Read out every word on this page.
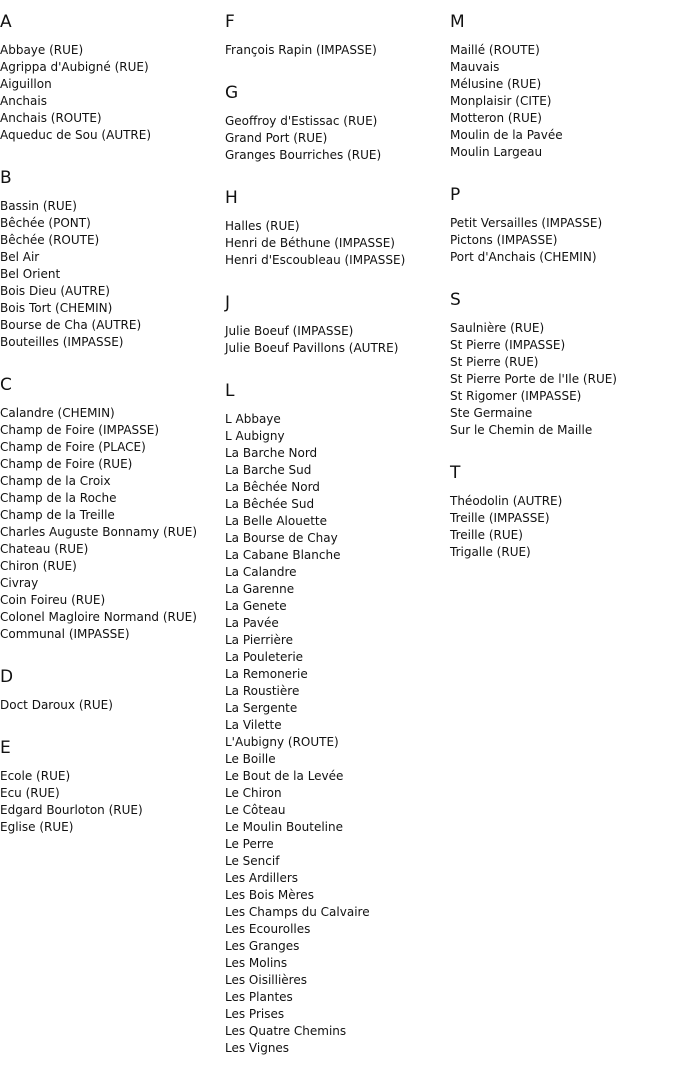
A
Abbaye (RUE)
Agrippa d'Aubigné (RUE)
Aiguillon
Anchais
Anchais (ROUTE)
Aqueduc de Sou (AUTRE)
B
Bassin (RUE)
Bêchée (PONT)
Bêchée (ROUTE)
Bel Air
Bel Orient
Bois Dieu (AUTRE)
Bois Tort (CHEMIN)
Bourse de Cha (AUTRE)
Bouteilles (IMPASSE)
C
Calandre (CHEMIN)
Champ de Foire (IMPASSE)
Champ de Foire (PLACE)
Champ de Foire (RUE)
Champ de la Croix
Champ de la Roche
Champ de la Treille
Charles Auguste Bonnamy (RUE)
Chateau (RUE)
Chiron (RUE)
Civray
Coin Foireu (RUE)
Colonel Magloire Normand (RUE)
Communal (IMPASSE)
D
Doct Daroux (RUE)
E
Ecole (RUE)
Ecu (RUE)
Edgard Bourloton (RUE)
Eglise (RUE)
F
François Rapin (IMPASSE)
G
Geoffroy d'Estissac (RUE)
Grand Port (RUE)
Granges Bourriches (RUE)
H
Halles (RUE)
Henri de Béthune (IMPASSE)
Henri d'Escoubleau (IMPASSE)
J
Julie Boeuf (IMPASSE)
Julie Boeuf Pavillons (AUTRE)
L
L Abbaye
L Aubigny
La Barche Nord
La Barche Sud
La Bêchée Nord
La Bêchée Sud
La Belle Alouette
La Bourse de Chay
La Cabane Blanche
La Calandre
La Garenne
La Genete
La Pavée
La Pierrière
La Pouleterie
La Remonerie
La Roustière
La Sergente
La Vilette
L'Aubigny (ROUTE)
Le Boille
Le Bout de la Levée
Le Chiron
Le Côteau
Le Moulin Bouteline
Le Perre
Le Sencif
Les Ardillers
Les Bois Mères
Les Champs du Calvaire
Les Ecourolles
Les Granges
Les Molins
Les Oisillières
Les Plantes
Les Prises
Les Quatre Chemins
Les Vignes
M
Maillé (ROUTE)
Mauvais
Mélusine (RUE)
Monplaisir (CITE)
Motteron (RUE)
Moulin de la Pavée
Moulin Largeau
P
Petit Versailles (IMPASSE)
Pictons (IMPASSE)
Port d'Anchais (CHEMIN)
S
Saulnière (RUE)
St Pierre (IMPASSE)
St Pierre (RUE)
St Pierre Porte de l'Ile (RUE)
St Rigomer (IMPASSE)
Ste Germaine
Sur le Chemin de Maille
T
Théodolin (AUTRE)
Treille (IMPASSE)
Treille (RUE)
Trigalle (RUE)
